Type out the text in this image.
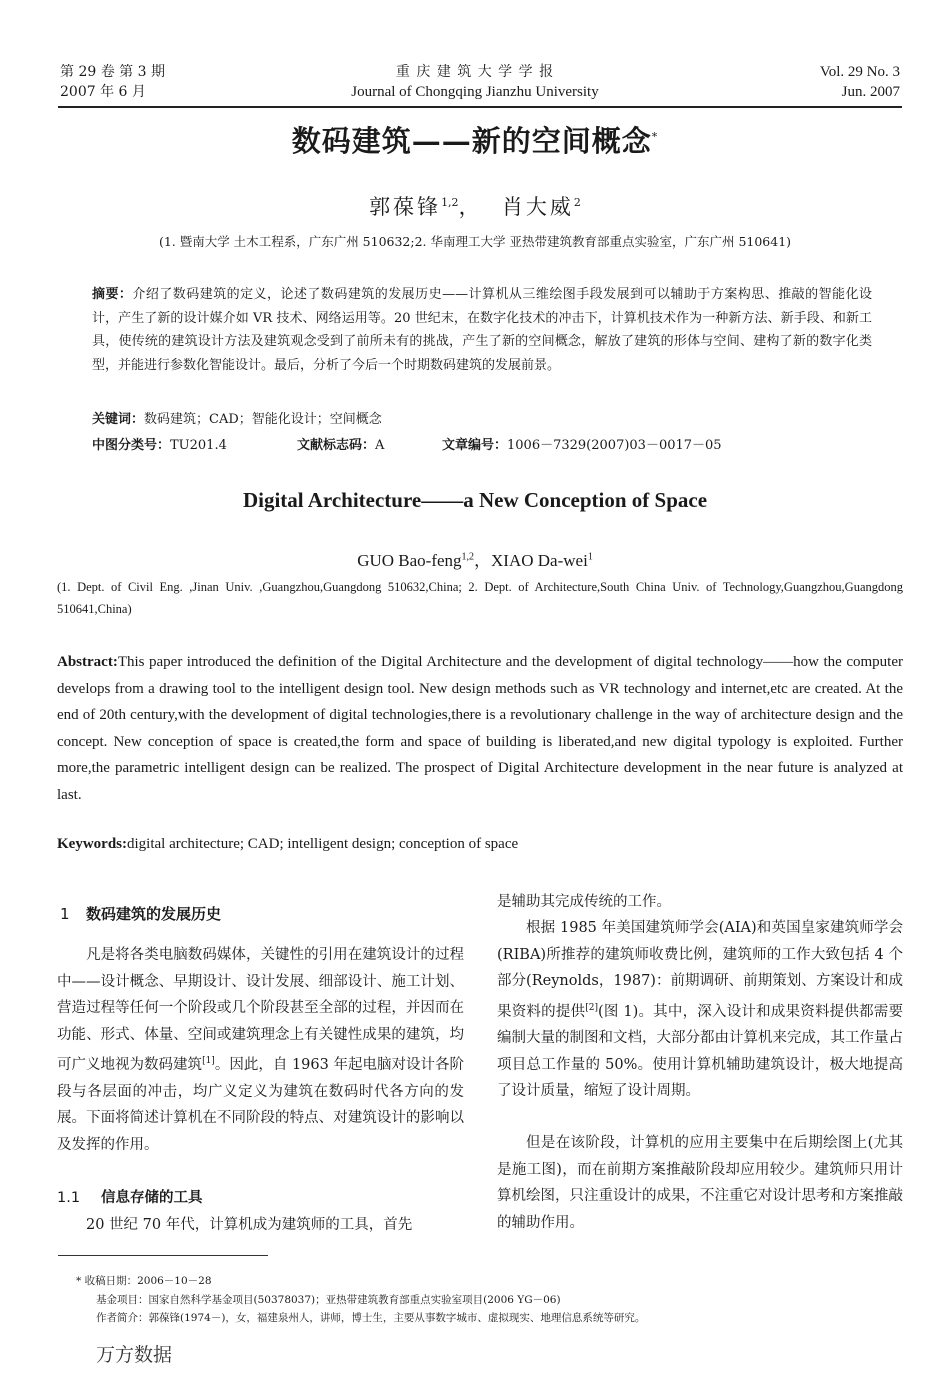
第 29 卷 第 3 期
2007 年 6 月
重 庆 建 筑 大 学 学 报
Journal of Chongqing Jianzhu University
Vol. 29 No. 3
Jun. 2007
数码建筑——新的空间概念*
郭葆锋$^{1,2}$，  肖大威$^2$
(1. 暨南大学 土木工程系，广东广州 510632;2. 华南理工大学 亚热带建筑教育部重点实验室，广东广州 510641)
摘要：介绍了数码建筑的定义，论述了数码建筑的发展历史——计算机从三维绘图手段发展到可以辅助于方案构思、推敲的智能化设计，产生了新的设计媒介如 VR 技术、网络运用等。20 世纪末，在数字化技术的冲击下，计算机技术作为一种新方法、新手段、和新工具，使传统的建筑设计方法及建筑观念受到了前所未有的挑战，产生了新的空间概念，解放了建筑的形体与空间、建构了新的数字化类型，并能进行参数化智能设计。最后，分析了今后一个时期数码建筑的发展前景。
关键词：数码建筑；CAD；智能化设计；空间概念
中图分类号：TU201.4	文献标志码：A	文章编号：1006－7329(2007)03－0017－05
Digital Architecture——a New Conception of Space
GUO Bao-feng$^{1,2}$，XIAO Da-wei$^1$
(1. Dept. of Civil Eng. ,Jinan Univ. ,Guangzhou,Guangdong 510632,China; 2. Dept. of Architecture,South China Univ. of Technology,Guangzhou,Guangdong 510641,China)
Abstract:This paper introduced the definition of the Digital Architecture and the development of digital technology——how the computer develops from a drawing tool to the intelligent design tool. New design methods such as VR technology and internet,etc are created. At the end of 20th century,with the development of digital technologies,there is a revolutionary challenge in the way of architecture design and the concept. New conception of space is created,the form and space of building is liberated,and new digital typology is exploited. Further more,the parametric intelligent design can be realized. The prospect of Digital Architecture development in the near future is analyzed at last.
Keywords:digital architecture; CAD; intelligent design; conception of space
1 数码建筑的发展历史
凡是将各类电脑数码媒体，关键性的引用在建筑设计的过程中——设计概念、早期设计、设计发展、细部设计、施工计划、营造过程等任何一个阶段或几个阶段甚至全部的过程，并因而在功能、形式、体量、空间或建筑理念上有关键性成果的建筑，均可广义地视为数码建筑[1]。因此，自 1963 年起电脑对设计各阶段与各层面的冲击，均广义定义为建筑在数码时代各方向的发展。下面将简述计算机在不同阶段的特点、对建筑设计的影响以及发挥的作用。
1.1 信息存储的工具
20 世纪 70 年代，计算机成为建筑师的工具，首先
是辅助其完成传统的工作。
根据 1985 年美国建筑师学会(AIA)和英国皇家建筑师学会(RIBA)所推荐的建筑师收费比例，建筑师的工作大致包括 4 个部分(Reynolds，1987)：前期调研、前期策划、方案设计和成果资料的提供[2](图 1)。其中，深入设计和成果资料提供都需要编制大量的制图和文档，大部分都由计算机来完成，其工作量占项目总工作量的 50%。使用计算机辅助建筑设计，极大地提高了设计质量，缩短了设计周期。
但是在该阶段，计算机的应用主要集中在后期绘图上(尤其是施工图)，而在前期方案推敲阶段却应用较少。建筑师只用计算机绘图，只注重设计的成果，不注重它对设计思考和方案推敲的辅助作用。
* 收稿日期：2006－10－28
基金项目：国家自然科学基金项目(50378037)；亚热带建筑教育部重点实验室项目(2006 YG－06)
作者简介：郭葆锋(1974－)，女，福建泉州人，讲师，博士生，主要从事数字城市、虚拟现实、地理信息系统等研究。
万方数据
